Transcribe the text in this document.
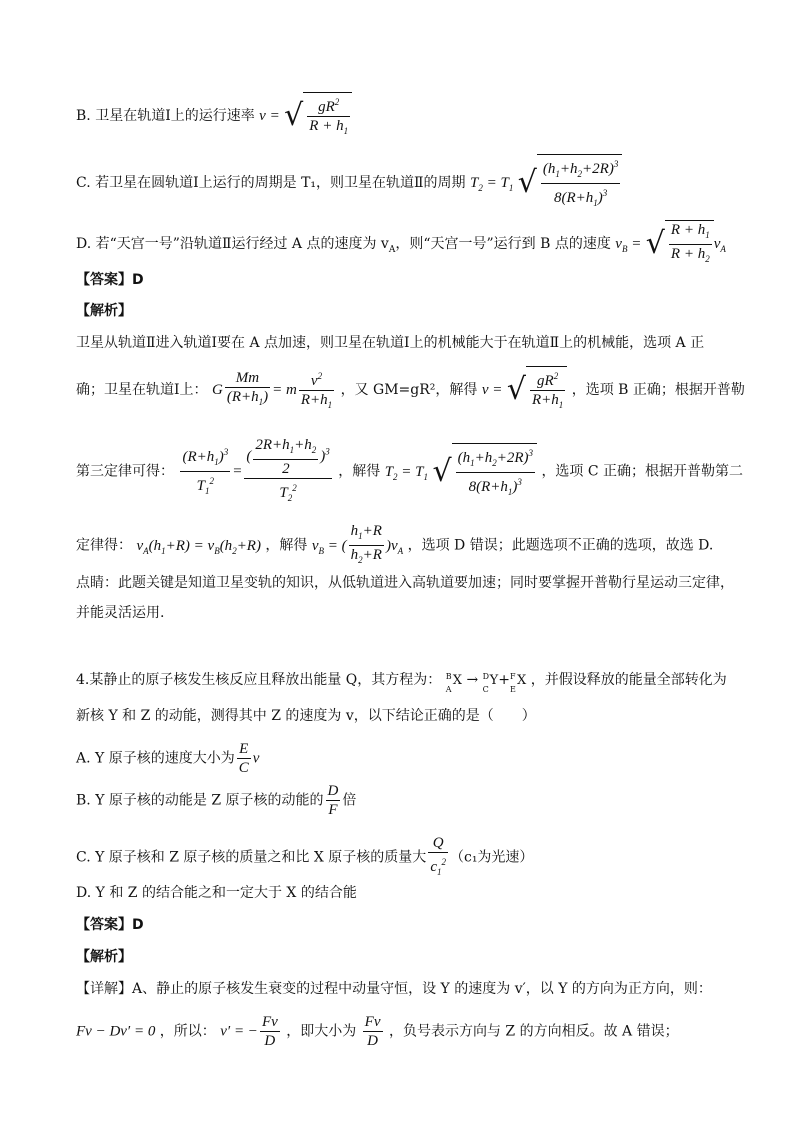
B. 卫星在轨道Ⅰ上的运行速率 v = √ $\frac{gR^2}{R + h_1}$
C. 若卫星在圆轨道Ⅰ上运行的周期是 T₁，则卫星在轨道Ⅱ的周期 $T_2 = T_1$ √ $\frac{(h_1+h_2+2R)^3}{8(R+h_1)^3}$
D. 若“天宫一号”沿轨道Ⅱ运行经过 A 点的速度为 $v_A$，则“天宫一号”运行到 B 点的速度 $v_B$ = √ $\frac{R + h_1}{R + h_2} v_A$
【答案】D
【解析】
卫星从轨道Ⅱ进入轨道Ⅰ要在 A 点加速，则卫星在轨道Ⅰ上的机械能大于在轨道Ⅱ上的机械能，选项 A 正
确；卫星在轨道Ⅰ上： G $\frac{Mm}{(R+h_1)} = m \frac{v^2}{R+h_1}$ ，又 GM=gR²，解得 v = √ $\frac{gR^2}{R+h_1}$ ，选项 B 正确；根据开普勒
第三定律可得： $\frac{(R+h_1)^3}{T_1^2} = \frac{( \frac{2R+h_1+h_2}{2} )^3}{T_2^2}$ ，解得 $T_2 = T_1$ √ $\frac{(h_1+h_2+2R)^3}{8(R+h_1)^3}$ ，选项 C 正确；根据开普勒第二
定律得： $v_A(h_1+R) = v_B(h_2+R)$ ，解得 $v_B$ = ( $\frac{h_1+R}{h_2+R} )v_A$ ，选项 D 错误；此题选项不正确的选项，故选 D.
点睛：此题关键是知道卫星变轨的知识，从低轨道进入高轨道要加速；同时要掌握开普勒行星运动三定律，
并能灵活运用.
4.某静止的原子核发生核反应且释放出能量 Q，其方程为： B
A
X → D
C
Y+ F
E
X ，并假设释放的能量全部转化为
新核 Y 和 Z 的动能，测得其中 Z 的速度为 v，以下结论正确的是（　　）
A. Y 原子核的速度大小为 $\frac{E}{C}$ v
B. Y 原子核的动能是 Z 原子核的动能的 $\frac{D}{F}$ 倍
C. Y 原子核和 Z 原子核的质量之和比 X 原子核的质量大 $\frac{Q}{c_1^2} (c_1$为光速）
D. Y 和 Z 的结合能之和一定大于 X 的结合能
【答案】D
【解析】
【详解】A、静止的原子核发生衰变的过程中动量守恒，设 Y 的速度为 v′，以 Y 的方向为正方向，则：
Fv − Dv′ = 0 ，所以： v′ = − $\frac{Fv}{D}$ ，即大小为 $\frac{Fv}{D}$ ，负号表示方向与 Z 的方向相反。故 A 错误；
